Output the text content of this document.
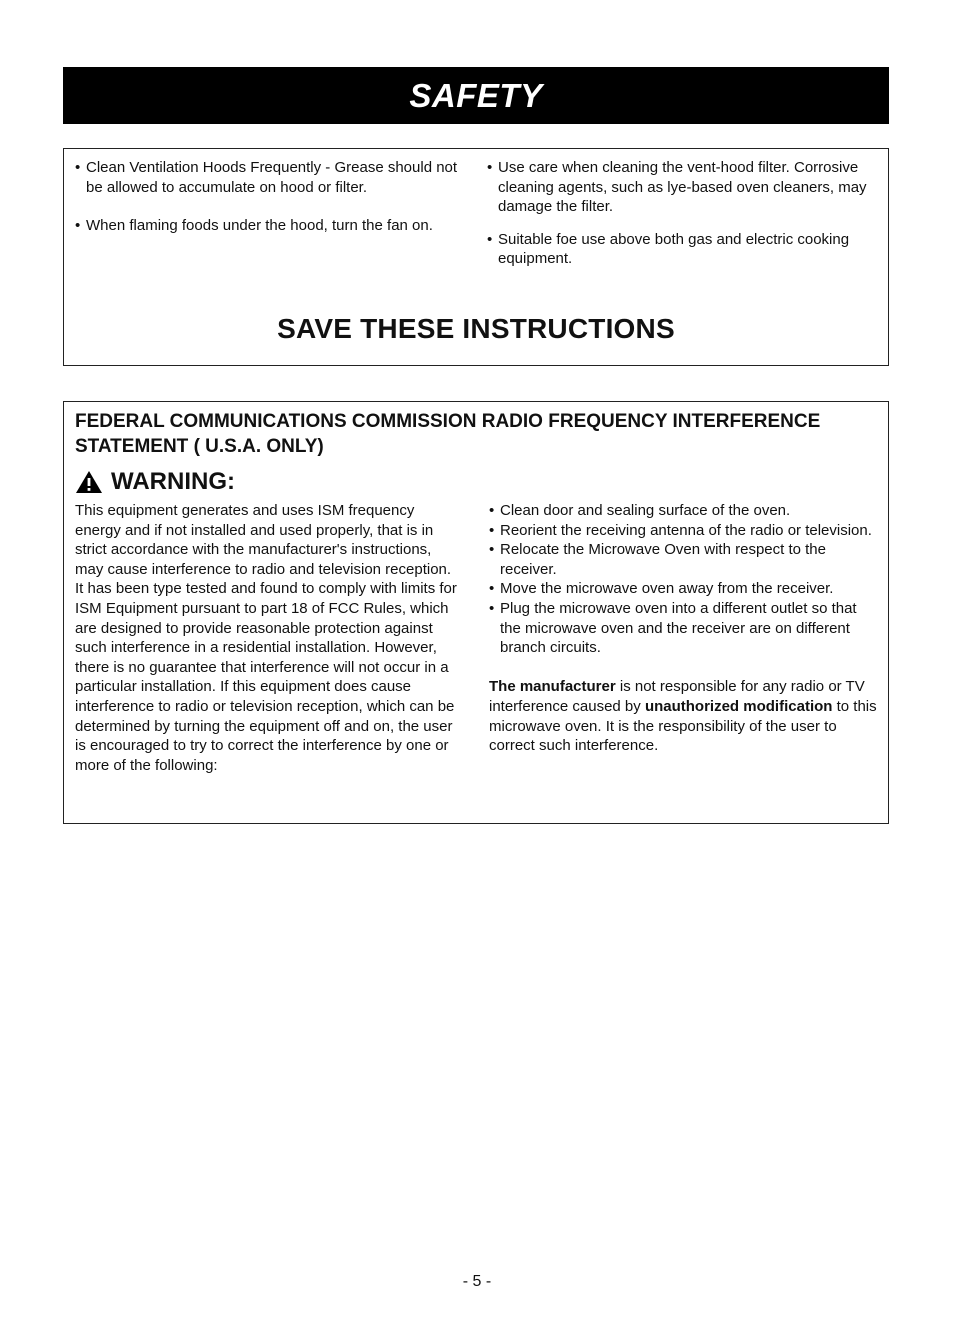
SAFETY
• Clean Ventilation Hoods Frequently - Grease should not be allowed to accumulate on hood or filter.
• When flaming foods under the hood, turn the fan on.
• Use care when cleaning the vent-hood filter. Corrosive cleaning agents, such as lye-based oven cleaners, may damage the filter.
• Suitable foe use above both gas and electric cooking equipment.
SAVE THESE INSTRUCTIONS
FEDERAL COMMUNICATIONS COMMISSION RADIO FREQUENCY INTERFERENCE STATEMENT ( U.S.A. ONLY)
WARNING:
This equipment generates and uses ISM frequency energy and if not installed and used properly, that is in strict accordance with the manufacturer's instructions, may cause interference to radio and television reception. It has been type tested and found to comply with limits for ISM Equipment pursuant to part 18 of FCC Rules, which are designed to provide reasonable protection against such interference in a residential installation. However, there is no guarantee that interference will not occur in a particular installation. If this equipment does cause interference to radio or television reception, which can be determined by turning the equipment off and on, the user is encouraged to try to correct the interference by one or more of the following:
• Clean door and sealing surface of the oven.
• Reorient the receiving antenna of the radio or television.
• Relocate the Microwave Oven with respect to the receiver.
• Move the microwave oven away from the receiver.
• Plug the microwave oven into a different outlet so that the microwave oven and the receiver are on different branch circuits.
The manufacturer is not responsible for any radio or TV interference caused by unauthorized modification to this microwave oven. It is the responsibility of the user to correct such interference.
- 5 -
